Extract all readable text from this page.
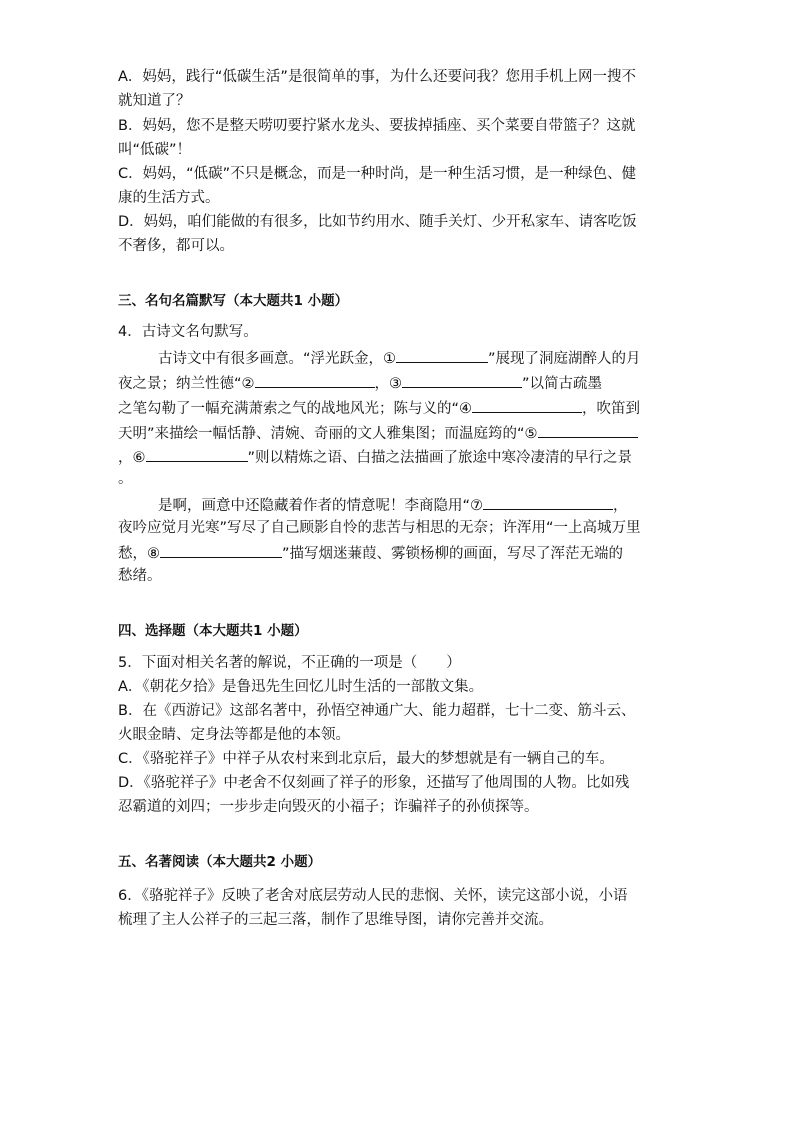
A．妈妈，践行“低碳生活”是很简单的事，为什么还要问我？您用手机上网一搜不
就知道了？
B．妈妈，您不是整天唠叨要拧紧水龙头、要拔掉插座、买个菜要自带篮子？这就
叫“低碳”！
C．妈妈，“低碳”不只是概念，而是一种时尚，是一种生活习惯，是一种绿色、健
康的生活方式。
D．妈妈，咱们能做的有很多，比如节约用水、随手关灯、少开私家车、请客吃饭
不奢侈，都可以。
三、名句名篇默写（本大题共1 小题）
4．古诗文名句默写。
古诗文中有很多画意。“浮光跃金，①	”展现了洞庭湖醉人的月
夜之景；纳兰性德“②	，③	”以简古疏墨
之笔勾勒了一幅充满萧索之气的战地风光；陈与义的“④	，吹笛到
天明”来描绘一幅恬静、清婉、奇丽的文人雅集图；而温庭筠的“⑤
，⑥	”则以精炼之语、白描之法描画了旅途中寒冷凄清的早行之景
。
是啊，画意中还隐藏着作者的情意呢！李商隐用“⑦	，
夜吟应觉月光寒”写尽了自己顾影自怜的悲苦与相思的无奈；许浑用“一上高城万里
愁，⑧	”描写烟迷蒹葭、雾锁杨柳的画面，写尽了浑茫无端的
愁绪。
四、选择题（本大题共1 小题）
5．下面对相关名著的解说，不正确的一项是（　　）
A．《朝花夕拾》是鲁迅先生回忆儿时生活的一部散文集。
B．在《西游记》这部名著中，孙悟空神通广大、能力超群，七十二变、筋斗云、
火眼金睛、定身法等都是他的本领。
C．《骆驼祥子》中祥子从农村来到北京后，最大的梦想就是有一辆自己的车。
D．《骆驼祥子》中老舍不仅刻画了祥子的形象，还描写了他周围的人物。比如残
忍霸道的刘四；一步步走向毁灭的小福子；诈骗祥子的孙侦探等。
五、名著阅读（本大题共2 小题）
6．《骆驼祥子》反映了老舍对底层劳动人民的悲悯、关怀，读完这部小说，小语
梳理了主人公祥子的三起三落，制作了思维导图，请你完善并交流。
